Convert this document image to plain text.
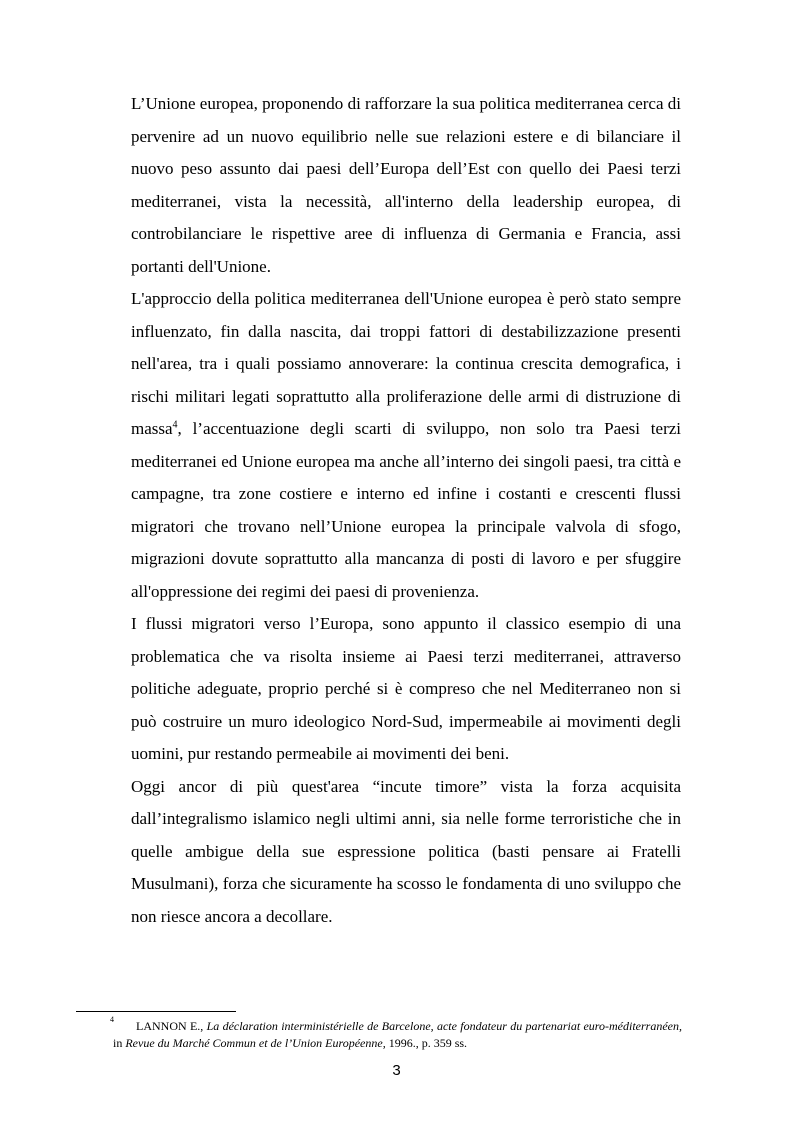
L’Unione europea, proponendo di rafforzare la sua politica mediterranea cerca di pervenire ad un nuovo equilibrio nelle sue relazioni estere e di bilanciare il nuovo peso assunto dai paesi dell’Europa dell’Est con quello dei Paesi terzi mediterranei, vista la necessità, all'interno della leadership europea, di controbilanciare le rispettive aree di influenza di Germania e Francia, assi portanti dell'Unione.

L'approccio della politica mediterranea dell'Unione europea è però stato sempre influenzato, fin dalla nascita, dai troppi fattori di destabilizzazione presenti nell'area, tra i quali possiamo annoverare: la continua crescita demografica, i rischi militari legati soprattutto alla proliferazione delle armi di distruzione di massa$^4$, l’accentuazione degli scarti di sviluppo, non solo tra Paesi terzi mediterranei ed Unione europea ma anche all’interno dei singoli paesi, tra città e campagne, tra zone costiere e interno ed infine i costanti e crescenti flussi migratori che trovano nell’Unione europea la principale valvola di sfogo, migrazioni dovute soprattutto alla mancanza di posti di lavoro e per sfuggire all'oppressione dei regimi dei paesi di provenienza.

I flussi migratori verso l’Europa, sono appunto il classico esempio di una problematica che va risolta insieme ai Paesi terzi mediterranei, attraverso politiche adeguate, proprio perché si è compreso che nel Mediterraneo non si può costruire un muro ideologico Nord-Sud, impermeabile ai movimenti degli uomini, pur restando permeabile ai movimenti dei beni.

Oggi ancor di più quest'area “incute timore” vista la forza acquisita dall’integralismo islamico negli ultimi anni, sia nelle forme terroristiche che in quelle ambigue della sue espressione politica (basti pensare ai Fratelli Musulmani), forza che sicuramente ha scosso le fondamenta di uno sviluppo che non riesce ancora a decollare.

4	LANNON E., La déclaration interministérielle de Barcelone, acte fondateur du partenariat euro-méditerranéen, in Revue du Marché Commun et de l’Union Européenne, 1996., p. 359 ss.
3
